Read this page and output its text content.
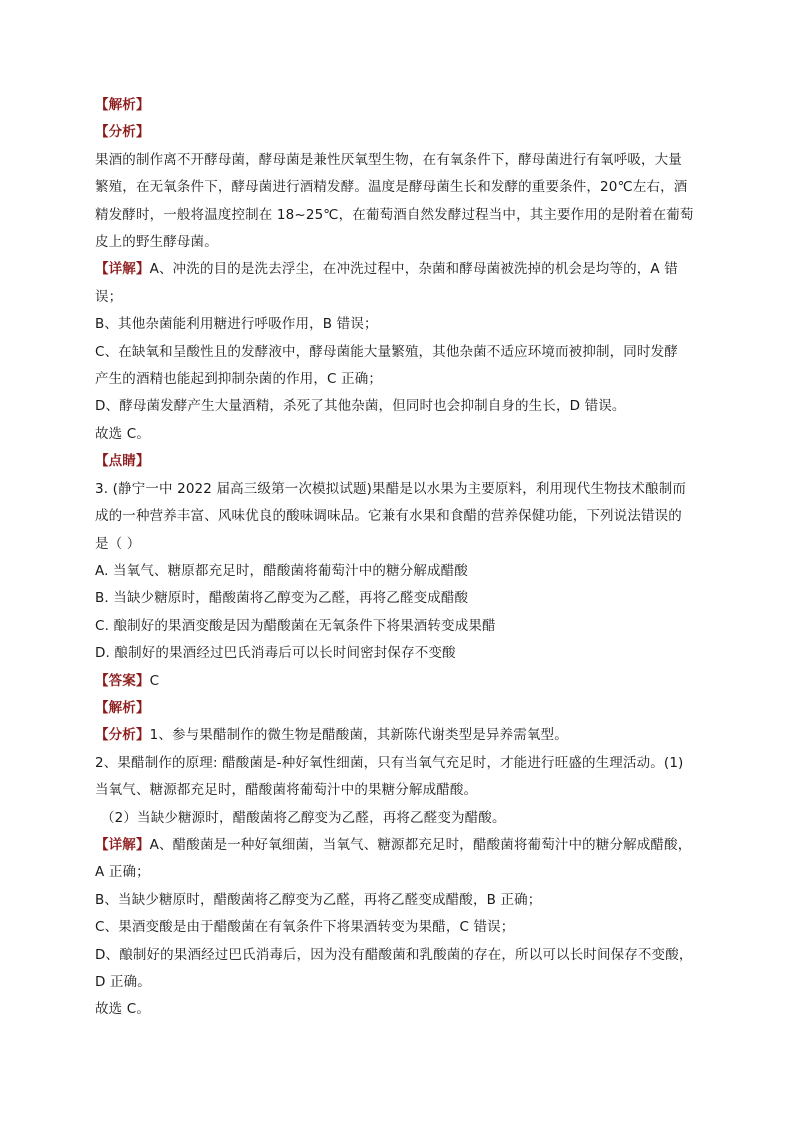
【解析】
【分析】
果酒的制作离不开酵母菌，酵母菌是兼性厌氧型生物，在有氧条件下，酵母菌进行有氧呼吸，大量
繁殖，在无氧条件下，酵母菌进行酒精发酵。温度是酵母菌生长和发酵的重要条件，20℃左右，酒
精发酵时，一般将温度控制在 18~25℃，在葡萄酒自然发酵过程当中，其主要作用的是附着在葡萄
皮上的野生酵母菌。
【详解】A、冲洗的目的是洗去浮尘，在冲洗过程中，杂菌和酵母菌被洗掉的机会是均等的，A 错
误；
B、其他杂菌能利用糖进行呼吸作用，B 错误；
C、在缺氧和呈酸性且的发酵液中，酵母菌能大量繁殖，其他杂菌不适应环境而被抑制，同时发酵
产生的酒精也能起到抑制杂菌的作用，C 正确；
D、酵母菌发酵产生大量酒精，杀死了其他杂菌，但同时也会抑制自身的生长，D 错误。
故选 C。
【点睛】
3. (静宁一中 2022 届高三级第一次模拟试题)果醋是以水果为主要原料，利用现代生物技术酿制而
成的一种营养丰富、风味优良的酸味调味品。它兼有水果和食醋的营养保健功能，下列说法错误的
是（ ）
A. 当氧气、糖原都充足时，醋酸菌将葡萄汁中的糖分解成醋酸
B. 当缺少糖原时，醋酸菌将乙醇变为乙醛，再将乙醛变成醋酸
C. 酿制好的果酒变酸是因为醋酸菌在无氧条件下将果酒转变成果醋
D. 酿制好的果酒经过巴氏消毒后可以长时间密封保存不变酸
【答案】C
【解析】
【分析】1、参与果醋制作的微生物是醋酸菌，其新陈代谢类型是异养需氧型。
2、果醋制作的原理: 醋酸菌是-种好氧性细菌，只有当氧气充足时，才能进行旺盛的生理活动。(1)
当氧气、糖源都充足时，醋酸菌将葡萄汁中的果糖分解成醋酸。
（2）当缺少糖源时，醋酸菌将乙醇变为乙醛，再将乙醛变为醋酸。
【详解】A、醋酸菌是一种好氧细菌，当氧气、糖源都充足时，醋酸菌将葡萄汁中的糖分解成醋酸，
A 正确；
B、当缺少糖原时，醋酸菌将乙醇变为乙醛，再将乙醛变成醋酸，B 正确；
C、果酒变酸是由于醋酸菌在有氧条件下将果酒转变为果醋，C 错误；
D、酿制好的果酒经过巴氏消毒后，因为没有醋酸菌和乳酸菌的存在，所以可以长时间保存不变酸，
D 正确。
故选 C。
